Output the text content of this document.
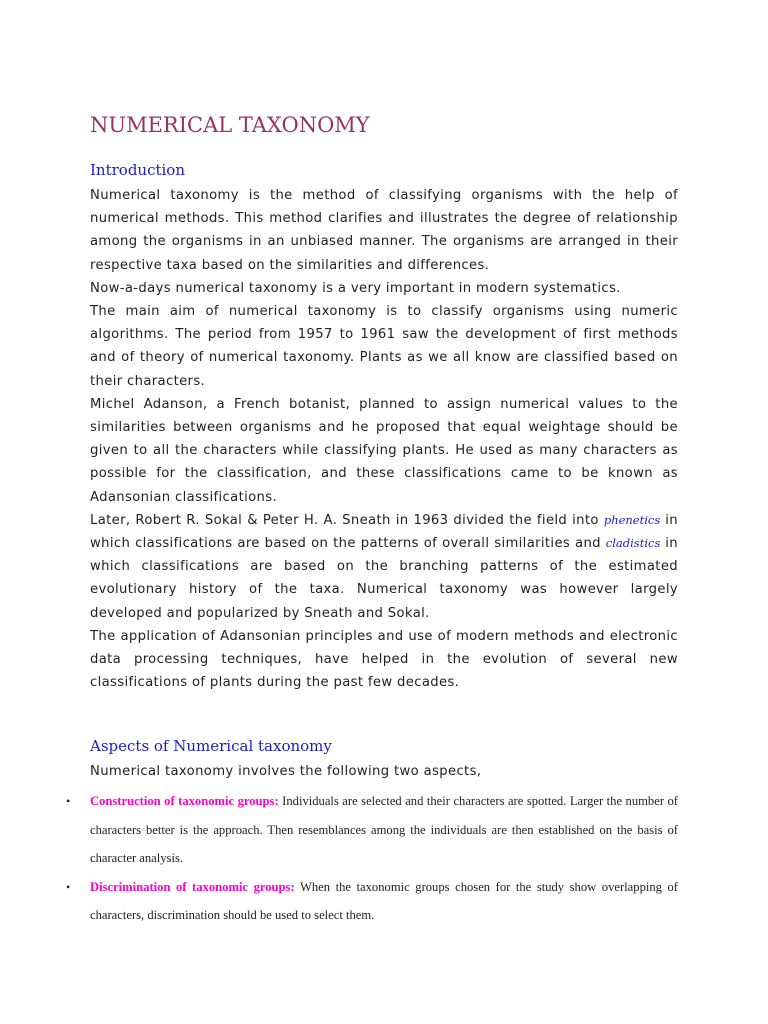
NUMERICAL TAXONOMY
Introduction

Numerical taxonomy is the method of classifying organisms with the help of numerical methods. This method clarifies and illustrates the degree of relationship among the organisms in an unbiased manner. The organisms are arranged in their respective taxa based on the similarities and differences.

Now-a-days numerical taxonomy is a very important in modern systematics.

The main aim of numerical taxonomy is to classify organisms using numeric algorithms. The period from 1957 to 1961 saw the development of first methods and of theory of numerical taxonomy. Plants as we all know are classified based on their characters.

Michel Adanson, a French botanist, planned to assign numerical values to the similarities between organisms and he proposed that equal weightage should be given to all the characters while classifying plants. He used as many characters as possible for the classification, and these classifications came to be known as Adansonian classifications.

Later, Robert R. Sokal & Peter H. A. Sneath in 1963 divided the field into phenetics in which classifications are based on the patterns of overall similarities and cladistics in which classifications are based on the branching patterns of the estimated evolutionary history of the taxa. Numerical taxonomy was however largely developed and popularized by Sneath and Sokal.

The application of Adansonian principles and use of modern methods and electronic data processing techniques, have helped in the evolution of several new classifications of plants during the past few decades.

Aspects of Numerical taxonomy

Numerical taxonomy involves the following two aspects,

• Construction of taxonomic groups: Individuals are selected and their characters are spotted. Larger the number of characters better is the approach. Then resemblances among the individuals are then established on the basis of character analysis.
• Discrimination of taxonomic groups: When the taxonomic groups chosen for the study show overlapping of characters, discrimination should be used to select them.
